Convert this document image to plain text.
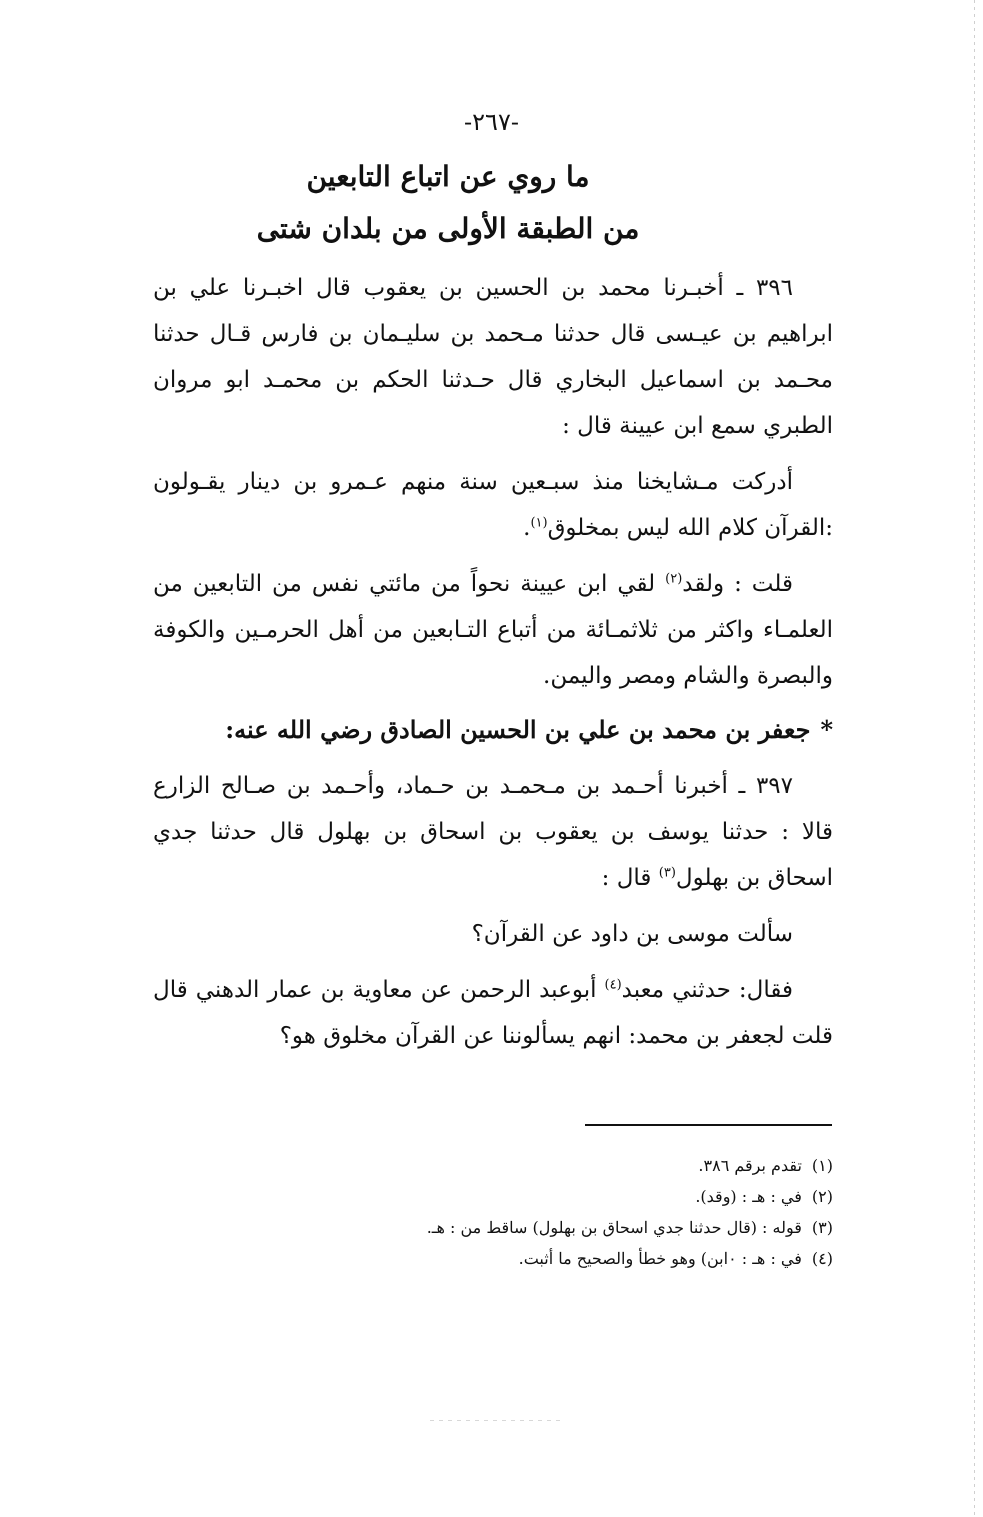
-٢٦٧-
ما روي عن اتباع التابعين
من الطبقة الأولى من بلدان شتى

٣٩٦ ـ أخبـرنا محمد بن الحسين بن يعقوب قال اخبـرنا علي بن ابراهيم بن عيـسى قال حدثنا مـحمد بن سليـمان بن فارس قـال حدثنا محـمد بن اسماعيل البخاري قال حـدثنا الحكم بن محمـد ابو مروان الطبري سمع ابن عيينة قال :

أدركت مـشايخنا منذ سبـعين سنة منهم عـمرو بن دينار يقـولون :القرآن كلام الله ليس بمخلوق$^{(١)}$.

قلت : ولقد$^{(٢)}$ لقي ابن عيينة نحواً من مائتي نفس من التابعين من العلمـاء واكثر من ثلاثمـائة من أتباع التـابعين من أهل الحرمـين والكوفة والبصرة والشام ومصر واليمن.

*جعفر بن محمد بن علي بن الحسين الصادق رضي الله عنه:

٣٩٧ ـ أخبرنا أحـمد بن مـحمـد بن حـماد، وأحـمد بن صـالح الزارع قالا : حدثنا يوسف بن يعقوب بن اسحاق بن بهلول قال حدثنا جدي اسحاق بن بهلول$^{(٣)}$ قال :

سألت موسى بن داود عن القرآن؟

فقال: حدثني معبد$^{(٤)}$ أبوعبد الرحمن عن معاوية بن عمار الدهني قال قلت لجعفر بن محمد: انهم يسألوننا عن القرآن مخلوق هو؟

(١)تقدم برقم ٣٨٦.

(٢)في : هـ : (وقد).

(٣)قوله : (قال حدثنا جدي اسحاق بن بهلول) ساقط من : هـ.

(٤)في : هـ : ٠ابن) وهو خطأ والصحيح ما أثبت.
